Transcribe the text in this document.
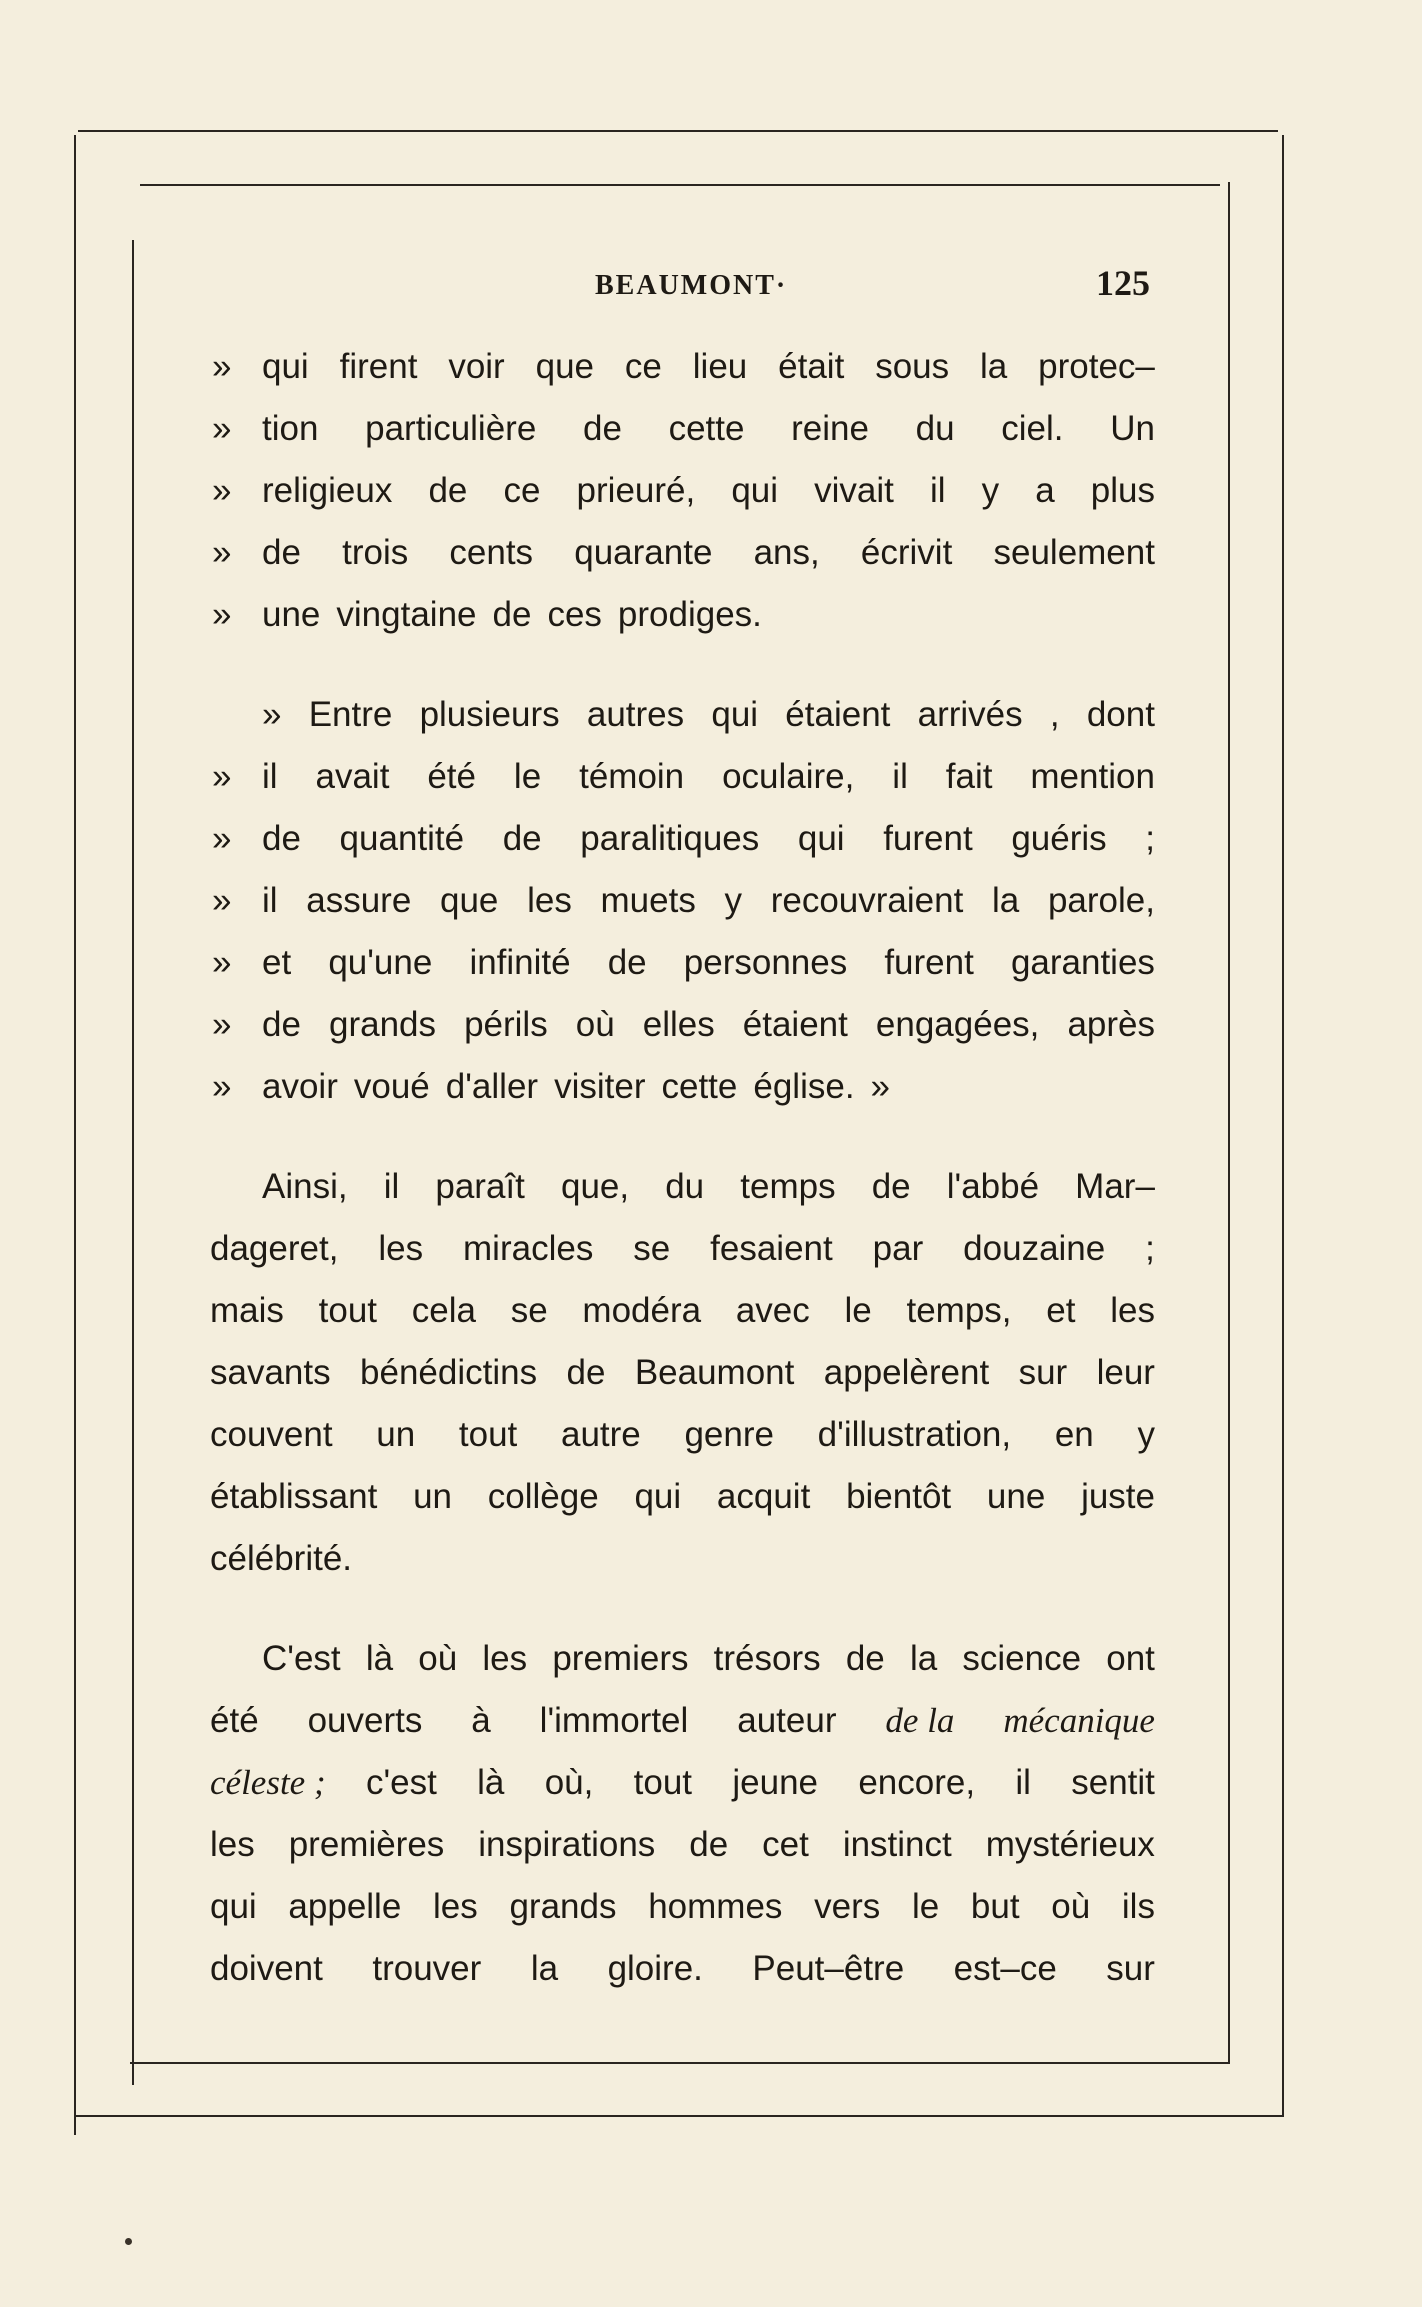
BEAUMONT·	125
» qui firent voir que ce lieu était sous la protec–
» tion particulière de cette reine du ciel. Un
» religieux de ce prieuré, qui vivait il y a plus
» de trois cents quarante ans, écrivit seulement
» une vingtaine de ces prodiges.
» Entre plusieurs autres qui étaient arrivés , dont
» il avait été le témoin oculaire, il fait mention
» de quantité de paralitiques qui furent guéris ;
» il assure que les muets y recouvraient la parole,
» et qu'une infinité de personnes furent garanties
» de grands périls où elles étaient engagées, après
» avoir voué d'aller visiter cette église. »
Ainsi, il paraît que, du temps de l'abbé Mar–
dageret, les miracles se fesaient par douzaine ;
mais tout cela se modéra avec le temps, et les
savants bénédictins de Beaumont appelèrent sur leur
couvent un tout autre genre d'illustration, en y
établissant un collège qui acquit bientôt une juste
célébrité.
C'est là où les premiers trésors de la science ont
été ouverts à l'immortel auteur de la mécanique
céleste ; c'est là où, tout jeune encore, il sentit
les premières inspirations de cet instinct mystérieux
qui appelle les grands hommes vers le but où ils
doivent trouver la gloire. Peut–être est–ce sur
